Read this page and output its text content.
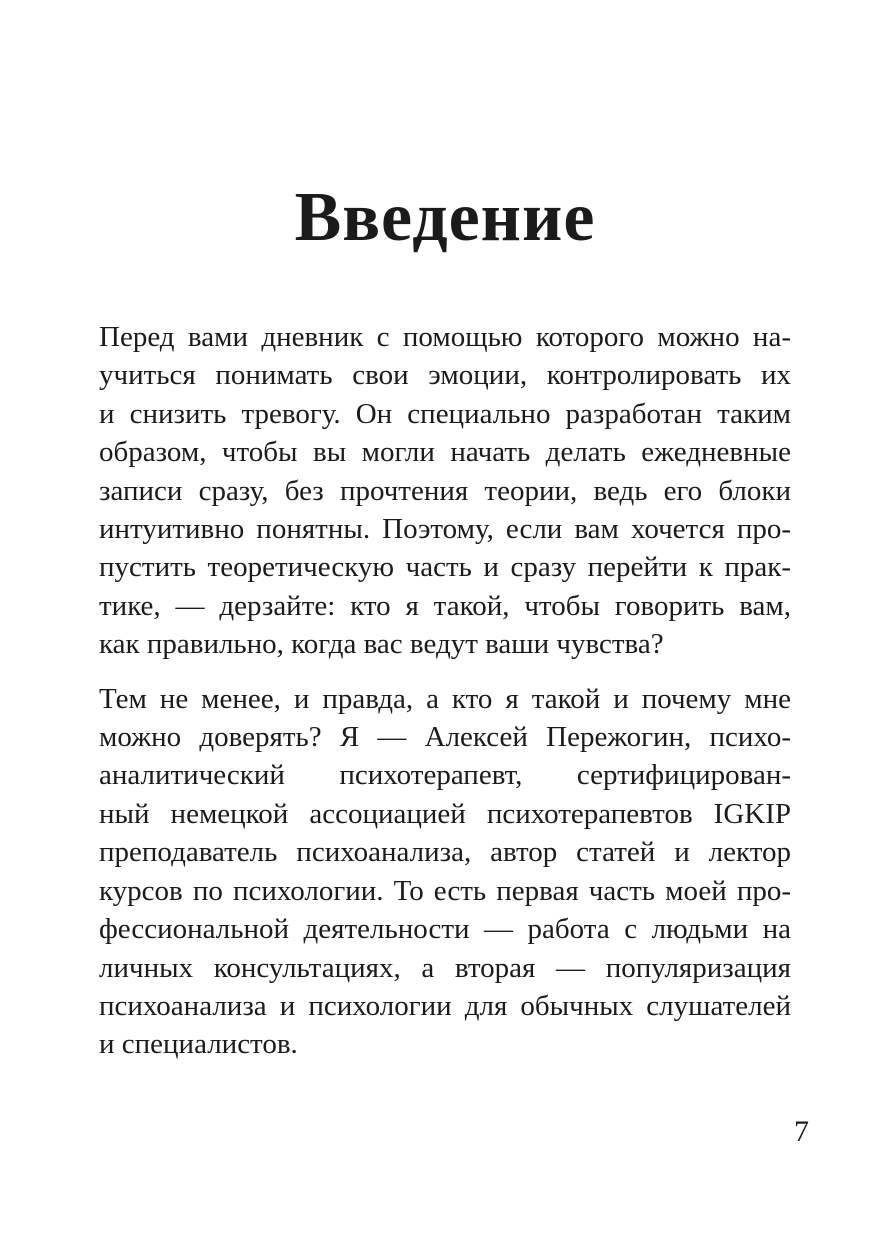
Введение
Перед вами дневник с помощью которого можно на-
учиться понимать свои эмоции, контролировать их
и снизить тревогу. Он специально разработан таким
образом, чтобы вы могли начать делать ежедневные
записи сразу, без прочтения теории, ведь его блоки
интуитивно понятны. Поэтому, если вам хочется про-
пустить теоретическую часть и сразу перейти к прак-
тике, — дерзайте: кто я такой, чтобы говорить вам,
как правильно, когда вас ведут ваши чувства?
Тем не менее, и правда, а кто я такой и почему мне
можно доверять? Я — Алексей Пережогин, психо-
аналитический психотерапевт, сертифицирован-
ный немецкой ассоциацией психотерапевтов IGKIP
преподаватель психоанализа, автор статей и лектор
курсов по психологии. То есть первая часть моей про-
фессиональной деятельности — работа с людьми на
личных консультациях, а вторая — популяризация
психоанализа и психологии для обычных слушателей
и специалистов.
7
